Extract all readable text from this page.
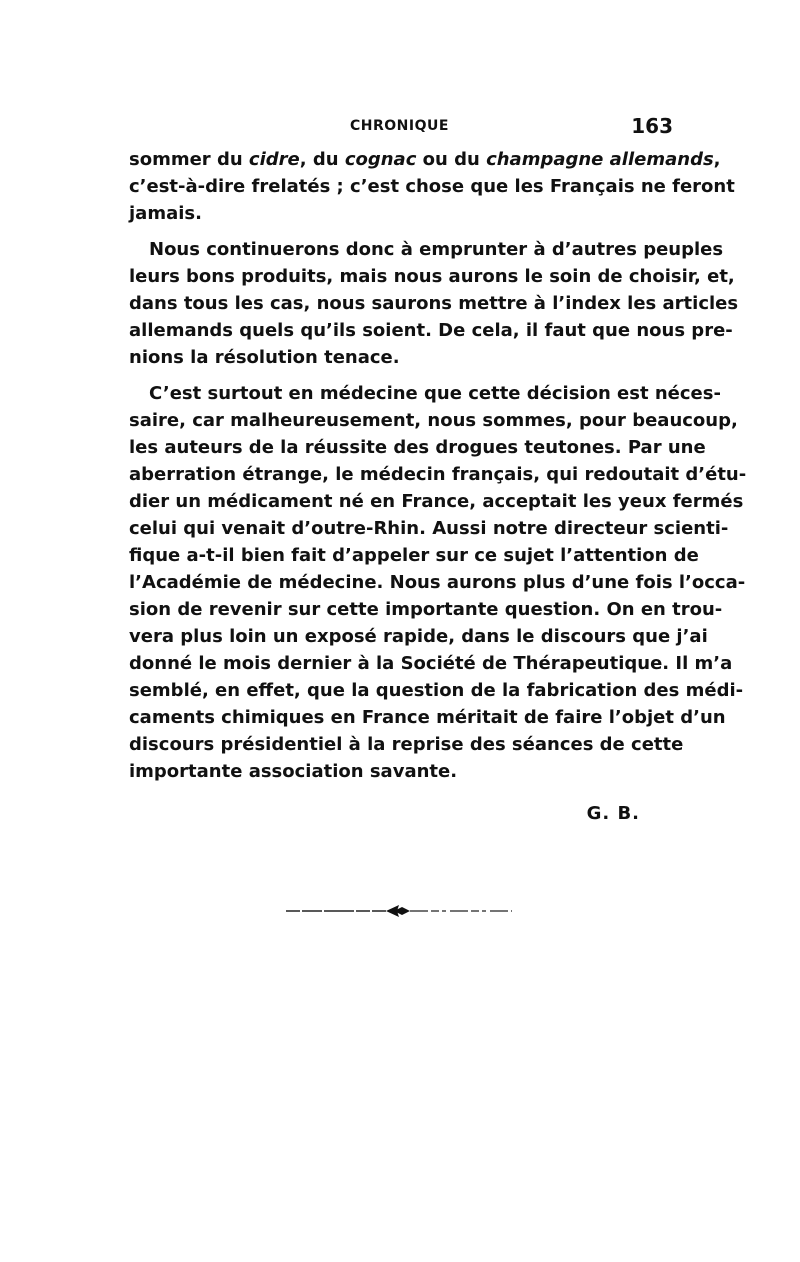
CHRONIQUE	163
sommer du cidre, du cognac ou du champagne allemands,
c’est-à-dire frelatés ; c’est chose que les Français ne feront
jamais.
Nous continuerons donc à emprunter à d’autres peuples
leurs bons produits, mais nous aurons le soin de choisir, et,
dans tous les cas, nous saurons mettre à l’index les articles
allemands quels qu’ils soient. De cela, il faut que nous pre-
nions la résolution tenace.
C’est surtout en médecine que cette décision est néces-
saire, car malheureusement, nous sommes, pour beaucoup,
les auteurs de la réussite des drogues teutones. Par une
aberration étrange, le médecin français, qui redoutait d’étu-
dier un médicament né en France, acceptait les yeux fermés
celui qui venait d’outre-Rhin. Aussi notre directeur scienti-
fique a-t-il bien fait d’appeler sur ce sujet l’attention de
l’Académie de médecine. Nous aurons plus d’une fois l’occa-
sion de revenir sur cette importante question. On en trou-
vera plus loin un exposé rapide, dans le discours que j’ai
donné le mois dernier à la Société de Thérapeutique. Il m’a
semblé, en effet, que la question de la fabrication des médi-
caments chimiques en France méritait de faire l’objet d’un
discours présidentiel à la reprise des séances de cette
importante association savante.
G. B.
